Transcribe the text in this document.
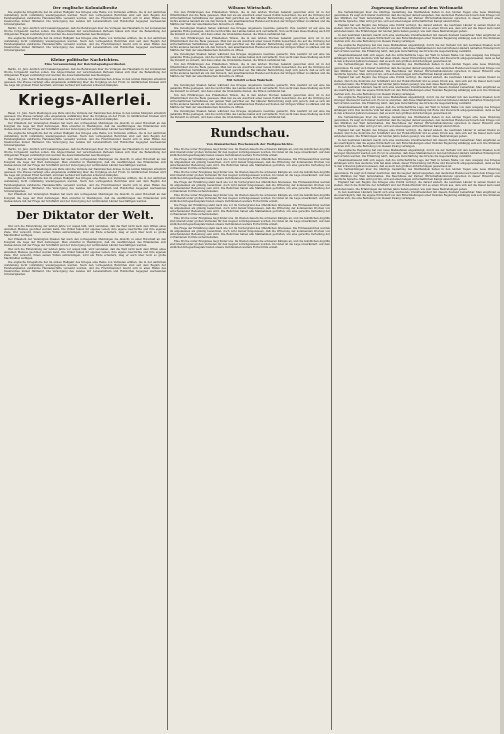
Der englische Kolonialbesitz

Die englische Kriegsflotte hat im ersten Halbjahr des Krieges eine Reihe von Verlusten erlitten, die in der amtlichen Aufstellung nicht vollständig wiedergegeben werden. Nach den vorliegenden Berichten sind seit dem Beginn der Feindseligkeiten zahlreiche Handelsschiffe versenkt worden, und die Frachtraumnot macht sich in allen Häfen des Inselreiches immer fühlbarer. Die Versorgung des Landes mit Lebensmitteln und Rohstoffen begegnet wachsenden Schwierigkeiten.

Berlin, 12. Juni. Amtlich wird bekanntgegeben, daß die Beratungen über die Vorlagen des Haushalts in der kommenden Woche fortgesetzt werden sollen. Die Abgeordneten der verschiedenen Parteien haben sich über die Behandlung der dringenden Fragen verständigt und werden die Ausschußarbeiten beschleunigen.

Die englische Kriegsflotte hat im ersten Halbjahr des Krieges eine Reihe von Verlusten erlitten, die in der amtlichen Aufstellung nicht vollständig wiedergegeben werden. Nach den vorliegenden Berichten sind seit dem Beginn der Feindseligkeiten zahlreiche Handelsschiffe versenkt worden, und die Frachtraumnot macht sich in allen Häfen des Inselreiches immer fühlbarer. Die Versorgung des Landes mit Lebensmitteln und Rohstoffen begegnet wachsenden Schwierigkeiten.

Kleine politische Nachrichten.
Eine Versammlung der Reichstagsabgeordneten

Berlin, 12. Juni. Amtlich wird bekanntgegeben, daß die Beratungen über die Vorlagen des Haushalts in der kommenden Woche fortgesetzt werden sollen. Die Abgeordneten der verschiedenen Parteien haben sich über die Behandlung der dringenden Fragen verständigt und werden die Ausschußarbeiten beschleunigen.

Basel, 12. Juni. Nach Meldungen aus Paris sind die Verluste der französischen Armee in den letzten Kämpfen erheblich gewesen. Die Presse verlangt eine eingehende Aufklärung über die Vorgänge an der Front. In militärischen Kreisen wird die Lage mit großem Ernst beurteilt, und man rechnet mit weiteren schweren Kämpfen.

Kriegs-Allerlei.

Basel, 12. Juni. Nach Meldungen aus Paris sind die Verluste der französischen Armee in den letzten Kämpfen erheblich gewesen. Die Presse verlangt eine eingehende Aufklärung über die Vorgänge an der Front. In militärischen Kreisen wird die Lage mit großem Ernst beurteilt, und man rechnet mit weiteren schweren Kämpfen.

Der Präsident der Vereinigten Staaten hat nach den vorliegenden Meldungen die Absicht, in einer Botschaft an den Kongreß die Lage der Welt darzulegen. Man erwartet in Washington, daß die Ausführungen des Präsidenten sich insbesondere mit der Frage der Schiffahrt und der Versorgung der verbündeten Länder beschäftigen werden.

Die englische Kriegsflotte hat im ersten Halbjahr des Krieges eine Reihe von Verlusten erlitten, die in der amtlichen Aufstellung nicht vollständig wiedergegeben werden. Nach den vorliegenden Berichten sind seit dem Beginn der Feindseligkeiten zahlreiche Handelsschiffe versenkt worden, und die Frachtraumnot macht sich in allen Häfen des Inselreiches immer fühlbarer. Die Versorgung des Landes mit Lebensmitteln und Rohstoffen begegnet wachsenden Schwierigkeiten.

Berlin, 12. Juni. Amtlich wird bekanntgegeben, daß die Beratungen über die Vorlagen des Haushalts in der kommenden Woche fortgesetzt werden sollen. Die Abgeordneten der verschiedenen Parteien haben sich über die Behandlung der dringenden Fragen verständigt und werden die Ausschußarbeiten beschleunigen.

Der Präsident der Vereinigten Staaten hat nach den vorliegenden Meldungen die Absicht, in einer Botschaft an den Kongreß die Lage der Welt darzulegen. Man erwartet in Washington, daß die Ausführungen des Präsidenten sich insbesondere mit der Frage der Schiffahrt und der Versorgung der verbündeten Länder beschäftigen werden.

Basel, 12. Juni. Nach Meldungen aus Paris sind die Verluste der französischen Armee in den letzten Kämpfen erheblich gewesen. Die Presse verlangt eine eingehende Aufklärung über die Vorgänge an der Front. In militärischen Kreisen wird die Lage mit großem Ernst beurteilt, und man rechnet mit weiteren schweren Kämpfen.

Die englische Kriegsflotte hat im ersten Halbjahr des Krieges eine Reihe von Verlusten erlitten, die in der amtlichen Aufstellung nicht vollständig wiedergegeben werden. Nach den vorliegenden Berichten sind seit dem Beginn der Feindseligkeiten zahlreiche Handelsschiffe versenkt worden, und die Frachtraumnot macht sich in allen Häfen des Inselreiches immer fühlbarer. Die Versorgung des Landes mit Lebensmitteln und Rohstoffen begegnet wachsenden Schwierigkeiten.

Der Präsident der Vereinigten Staaten hat nach den vorliegenden Meldungen die Absicht, in einer Botschaft an den Kongreß die Lage der Welt darzulegen. Man erwartet in Washington, daß die Ausführungen des Präsidenten sich insbesondere mit der Frage der Schiffahrt und der Versorgung der verbündeten Länder beschäftigen werden.

Der Diktator der Welt.

Wer sich die Entwicklung der letzten Jahre vor Augen hält, wird verstehen, daß die Welt nicht nach dem Willen eines einzelnen Mannes geordnet werden kann. Die Völker haben ihr eigenes Leben, ihre eigene Geschichte und ihre eigenen Ziele. Wer versucht, ihnen seinen Willen aufzuzwingen, wird am Ende scheitern, mag er auch über noch so große Machtmittel verfügen.

Der Präsident der Vereinigten Staaten hat nach den vorliegenden Meldungen die Absicht, in einer Botschaft an den Kongreß die Lage der Welt darzulegen. Man erwartet in Washington, daß die Ausführungen des Präsidenten sich insbesondere mit der Frage der Schiffahrt und der Versorgung der verbündeten Länder beschäftigen werden.

Wer sich die Entwicklung der letzten Jahre vor Augen hält, wird verstehen, daß die Welt nicht nach dem Willen eines einzelnen Mannes geordnet werden kann. Die Völker haben ihr eigenes Leben, ihre eigene Geschichte und ihre eigenen Ziele. Wer versucht, ihnen seinen Willen aufzuzwingen, wird am Ende scheitern, mag er auch über noch so große Machtmittel verfügen.

Die englische Kriegsflotte hat im ersten Halbjahr des Krieges eine Reihe von Verlusten erlitten, die in der amtlichen Aufstellung nicht vollständig wiedergegeben werden. Nach den vorliegenden Berichten sind seit dem Beginn der Feindseligkeiten zahlreiche Handelsschiffe versenkt worden, und die Frachtraumnot macht sich in allen Häfen des Inselreiches immer fühlbarer. Die Versorgung des Landes mit Lebensmitteln und Rohstoffen begegnet wachsenden Schwierigkeiten.

Wilsons Wirtschaft.

Von den Erklärungen des Präsidenten Wilson, die in den letzten Wochen bekannt geworden sind, ist in der Öffentlichkeit viel die Rede gewesen. Man hat sie als Ausdruck einer neuen Politik bezeichnet, die auf die Ordnung der wirtschaftlichen Verhältnisse der ganzen Welt gerichtet sei. Bei näherer Betrachtung zeigt sich jedoch, daß es sich um nichts anderes handelt als um den Versuch, den amerikanischen Handel auf Kosten der übrigen Völker zu stärken und die Märkte der Welt der amerikanischen Industrie zu öffnen.

Die Vereinigten Staaten haben während des Krieges ungeheure Gewinne gemacht. Ihre Ausfuhr ist auf eine nie gekannte Höhe gestiegen, und die Goldvorräte des Landes haben sich vervielfacht. Nun sucht man diese Stellung auch für die Zukunft zu sichern, und dazu sollen die Grundsätze dienen, die Wilson verkündet hat.

Von den Erklärungen des Präsidenten Wilson, die in den letzten Wochen bekannt geworden sind, ist in der Öffentlichkeit viel die Rede gewesen. Man hat sie als Ausdruck einer neuen Politik bezeichnet, die auf die Ordnung der wirtschaftlichen Verhältnisse der ganzen Welt gerichtet sei. Bei näherer Betrachtung zeigt sich jedoch, daß es sich um nichts anderes handelt als um den Versuch, den amerikanischen Handel auf Kosten der übrigen Völker zu stärken und die Märkte der Welt der amerikanischen Industrie zu öffnen.

Die Vereinigten Staaten haben während des Krieges ungeheure Gewinne gemacht. Ihre Ausfuhr ist auf eine nie gekannte Höhe gestiegen, und die Goldvorräte des Landes haben sich vervielfacht. Nun sucht man diese Stellung auch für die Zukunft zu sichern, und dazu sollen die Grundsätze dienen, die Wilson verkündet hat.

Von den Erklärungen des Präsidenten Wilson, die in den letzten Wochen bekannt geworden sind, ist in der Öffentlichkeit viel die Rede gewesen. Man hat sie als Ausdruck einer neuen Politik bezeichnet, die auf die Ordnung der wirtschaftlichen Verhältnisse der ganzen Welt gerichtet sei. Bei näherer Betrachtung zeigt sich jedoch, daß es sich um nichts anderes handelt als um den Versuch, den amerikanischen Handel auf Kosten der übrigen Völker zu stärken und die Märkte der Welt der amerikanischen Industrie zu öffnen.

Mit Schrift schon Wahrheit.

Die Vereinigten Staaten haben während des Krieges ungeheure Gewinne gemacht. Ihre Ausfuhr ist auf eine nie gekannte Höhe gestiegen, und die Goldvorräte des Landes haben sich vervielfacht. Nun sucht man diese Stellung auch für die Zukunft zu sichern, und dazu sollen die Grundsätze dienen, die Wilson verkündet hat.

Von den Erklärungen des Präsidenten Wilson, die in den letzten Wochen bekannt geworden sind, ist in der Öffentlichkeit viel die Rede gewesen. Man hat sie als Ausdruck einer neuen Politik bezeichnet, die auf die Ordnung der wirtschaftlichen Verhältnisse der ganzen Welt gerichtet sei. Bei näherer Betrachtung zeigt sich jedoch, daß es sich um nichts anderes handelt als um den Versuch, den amerikanischen Handel auf Kosten der übrigen Völker zu stärken und die Märkte der Welt der amerikanischen Industrie zu öffnen.

Die Vereinigten Staaten haben während des Krieges ungeheure Gewinne gemacht. Ihre Ausfuhr ist auf eine nie gekannte Höhe gestiegen, und die Goldvorräte des Landes haben sich vervielfacht. Nun sucht man diese Stellung auch für die Zukunft zu sichern, und dazu sollen die Grundsätze dienen, die Wilson verkündet hat.

Rundschau.
Von dramatischen Wochenwerk der Weltgeschichte.

Eine Woche voller Ereignisse liegt hinter uns. Im Westen dauern die schweren Kämpfe an, und die feindlichen Angriffe sind überall unter großen Verlusten für den Gegner zurückgewiesen worden. Im Osten ist die Lage unverändert. Auf dem südlichen Kriegsschauplatz haben unsere Verbündeten weitere Fortschritte erzielt.

Die Frage der Ernährung steht nach wie vor im Vordergrund des öffentlichen Interesses. Die Ernteaussichten werden im allgemeinen als günstig bezeichnet, doch wird darauf hingewiesen, daß die Witterung der kommenden Wochen von entscheidender Bedeutung sein wird. Die Behörden haben alle Maßnahmen getroffen, um eine gerechte Verteilung der vorhandenen Vorräte sicherzustellen.

Eine Woche voller Ereignisse liegt hinter uns. Im Westen dauern die schweren Kämpfe an, und die feindlichen Angriffe sind überall unter großen Verlusten für den Gegner zurückgewiesen worden. Im Osten ist die Lage unverändert. Auf dem südlichen Kriegsschauplatz haben unsere Verbündeten weitere Fortschritte erzielt.

Die Frage der Ernährung steht nach wie vor im Vordergrund des öffentlichen Interesses. Die Ernteaussichten werden im allgemeinen als günstig bezeichnet, doch wird darauf hingewiesen, daß die Witterung der kommenden Wochen von entscheidender Bedeutung sein wird. Die Behörden haben alle Maßnahmen getroffen, um eine gerechte Verteilung der vorhandenen Vorräte sicherzustellen.

Eine Woche voller Ereignisse liegt hinter uns. Im Westen dauern die schweren Kämpfe an, und die feindlichen Angriffe sind überall unter großen Verlusten für den Gegner zurückgewiesen worden. Im Osten ist die Lage unverändert. Auf dem südlichen Kriegsschauplatz haben unsere Verbündeten weitere Fortschritte erzielt.

Die Frage der Ernährung steht nach wie vor im Vordergrund des öffentlichen Interesses. Die Ernteaussichten werden im allgemeinen als günstig bezeichnet, doch wird darauf hingewiesen, daß die Witterung der kommenden Wochen von entscheidender Bedeutung sein wird. Die Behörden haben alle Maßnahmen getroffen, um eine gerechte Verteilung der vorhandenen Vorräte sicherzustellen.

Eine Woche voller Ereignisse liegt hinter uns. Im Westen dauern die schweren Kämpfe an, und die feindlichen Angriffe sind überall unter großen Verlusten für den Gegner zurückgewiesen worden. Im Osten ist die Lage unverändert. Auf dem südlichen Kriegsschauplatz haben unsere Verbündeten weitere Fortschritte erzielt.

Die Frage der Ernährung steht nach wie vor im Vordergrund des öffentlichen Interesses. Die Ernteaussichten werden im allgemeinen als günstig bezeichnet, doch wird darauf hingewiesen, daß die Witterung der kommenden Wochen von entscheidender Bedeutung sein wird. Die Behörden haben alle Maßnahmen getroffen, um eine gerechte Verteilung der vorhandenen Vorräte sicherzustellen.

Eine Woche voller Ereignisse liegt hinter uns. Im Westen dauern die schweren Kämpfe an, und die feindlichen Angriffe sind überall unter großen Verlusten für den Gegner zurückgewiesen worden. Im Osten ist die Lage unverändert. Auf dem südlichen Kriegsschauplatz haben unsere Verbündeten weitere Fortschritte erzielt.

Zugzwang Konferenz auf dem Weltmarkt

Die Verhandlungen über die künftige Gestaltung des Welthandels haben in den letzten Tagen eine neue Wendung genommen. Es zeigt sich immer deutlicher, daß die Gegner darauf ausgehen, den deutschen Handel auch nach dem Kriege von den Märkten der Welt fernzuhalten. Die Beschlüsse der Pariser Wirtschaftskonferenz sprechen in dieser Hinsicht eine deutliche Sprache. Man wird gut tun, sich auf einen langen wirtschaftlichen Kampf einzurichten.

England hat seit Beginn des Krieges eine Politik verfolgt, die darauf abzielt, die neutralen Länder in seinen Dienst zu stellen. Durch die Kontrolle der Schiffahrt und der Rohstoffzufuhr übt es einen Druck aus, dem sich auf die Dauer kein Land entziehen kann. Die Erfahrungen der letzten Jahre haben gezeigt, wie weit diese Bestrebungen gehen.

In den neutralen Ländern macht sich eine wachsende Unzufriedenheit mit diesem Zustand bemerkbar. Man empfindet es als unerträglich, daß die eigene Wirtschaft von den Entschließungen einer fremden Regierung abhängig sein soll. Die Stimmen mehren sich, die eine Befreiung von diesem Zwang verlangen.

Die englische Regierung hat nun neue Maßnahmen angekündigt, durch die der Verkehr mit den neutralen Staaten noch strenger überwacht werden soll. Es ist zu erwarten, daß diese Maßnahmen in den betroffenen Ländern lebhaften Widerspruch hervorrufen werden. Die Erfahrung lehrt, daß jede Verschärfung des Drucks die Gegenwirkung verstärkt.

Zusammenfassend läßt sich sagen, daß die wirtschaftliche Lage der Welt in hohem Maße von dem Ausgang des Krieges abhängen wird. Das deutsche Volk hat allen Anlaß, dieser Entwicklung mit Ruhe und Zuversicht entgegenzusehen, denn es hat in den schweren Jahren bewiesen, daß es auch den größten Anforderungen gewachsen ist.

Die Verhandlungen über die künftige Gestaltung des Welthandels haben in den letzten Tagen eine neue Wendung genommen. Es zeigt sich immer deutlicher, daß die Gegner darauf ausgehen, den deutschen Handel auch nach dem Kriege von den Märkten der Welt fernzuhalten. Die Beschlüsse der Pariser Wirtschaftskonferenz sprechen in dieser Hinsicht eine deutliche Sprache. Man wird gut tun, sich auf einen langen wirtschaftlichen Kampf einzurichten.

England hat seit Beginn des Krieges eine Politik verfolgt, die darauf abzielt, die neutralen Länder in seinen Dienst zu stellen. Durch die Kontrolle der Schiffahrt und der Rohstoffzufuhr übt es einen Druck aus, dem sich auf die Dauer kein Land entziehen kann. Die Erfahrungen der letzten Jahre haben gezeigt, wie weit diese Bestrebungen gehen.

In den neutralen Ländern macht sich eine wachsende Unzufriedenheit mit diesem Zustand bemerkbar. Man empfindet es als unerträglich, daß die eigene Wirtschaft von den Entschließungen einer fremden Regierung abhängig sein soll. Die Stimmen mehren sich, die eine Befreiung von diesem Zwang verlangen.

Die englische Regierung hat nun neue Maßnahmen angekündigt, durch die der Verkehr mit den neutralen Staaten noch strenger überwacht werden soll. Es ist zu erwarten, daß diese Maßnahmen in den betroffenen Ländern lebhaften Widerspruch hervorrufen werden. Die Erfahrung lehrt, daß jede Verschärfung des Drucks die Gegenwirkung verstärkt.

Zusammenfassend läßt sich sagen, daß die wirtschaftliche Lage der Welt in hohem Maße von dem Ausgang des Krieges abhängen wird. Das deutsche Volk hat allen Anlaß, dieser Entwicklung mit Ruhe und Zuversicht entgegenzusehen, denn es hat in den schweren Jahren bewiesen, daß es auch den größten Anforderungen gewachsen ist.

Die Verhandlungen über die künftige Gestaltung des Welthandels haben in den letzten Tagen eine neue Wendung genommen. Es zeigt sich immer deutlicher, daß die Gegner darauf ausgehen, den deutschen Handel auch nach dem Kriege von den Märkten der Welt fernzuhalten. Die Beschlüsse der Pariser Wirtschaftskonferenz sprechen in dieser Hinsicht eine deutliche Sprache. Man wird gut tun, sich auf einen langen wirtschaftlichen Kampf einzurichten.

England hat seit Beginn des Krieges eine Politik verfolgt, die darauf abzielt, die neutralen Länder in seinen Dienst zu stellen. Durch die Kontrolle der Schiffahrt und der Rohstoffzufuhr übt es einen Druck aus, dem sich auf die Dauer kein Land entziehen kann. Die Erfahrungen der letzten Jahre haben gezeigt, wie weit diese Bestrebungen gehen.

In den neutralen Ländern macht sich eine wachsende Unzufriedenheit mit diesem Zustand bemerkbar. Man empfindet es als unerträglich, daß die eigene Wirtschaft von den Entschließungen einer fremden Regierung abhängig sein soll. Die Stimmen mehren sich, die eine Befreiung von diesem Zwang verlangen.

Die englische Regierung hat nun neue Maßnahmen angekündigt, durch die der Verkehr mit den neutralen Staaten noch strenger überwacht werden soll. Es ist zu erwarten, daß diese Maßnahmen in den betroffenen Ländern lebhaften Widerspruch hervorrufen werden. Die Erfahrung lehrt, daß jede Verschärfung des Drucks die Gegenwirkung verstärkt.

Zusammenfassend läßt sich sagen, daß die wirtschaftliche Lage der Welt in hohem Maße von dem Ausgang des Krieges abhängen wird. Das deutsche Volk hat allen Anlaß, dieser Entwicklung mit Ruhe und Zuversicht entgegenzusehen, denn es hat in den schweren Jahren bewiesen, daß es auch den größten Anforderungen gewachsen ist.

Die Verhandlungen über die künftige Gestaltung des Welthandels haben in den letzten Tagen eine neue Wendung genommen. Es zeigt sich immer deutlicher, daß die Gegner darauf ausgehen, den deutschen Handel auch nach dem Kriege von den Märkten der Welt fernzuhalten. Die Beschlüsse der Pariser Wirtschaftskonferenz sprechen in dieser Hinsicht eine deutliche Sprache. Man wird gut tun, sich auf einen langen wirtschaftlichen Kampf einzurichten.

England hat seit Beginn des Krieges eine Politik verfolgt, die darauf abzielt, die neutralen Länder in seinen Dienst zu stellen. Durch die Kontrolle der Schiffahrt und der Rohstoffzufuhr übt es einen Druck aus, dem sich auf die Dauer kein Land entziehen kann. Die Erfahrungen der letzten Jahre haben gezeigt, wie weit diese Bestrebungen gehen.

In den neutralen Ländern macht sich eine wachsende Unzufriedenheit mit diesem Zustand bemerkbar. Man empfindet es als unerträglich, daß die eigene Wirtschaft von den Entschließungen einer fremden Regierung abhängig sein soll. Die Stimmen mehren sich, die eine Befreiung von diesem Zwang verlangen.
